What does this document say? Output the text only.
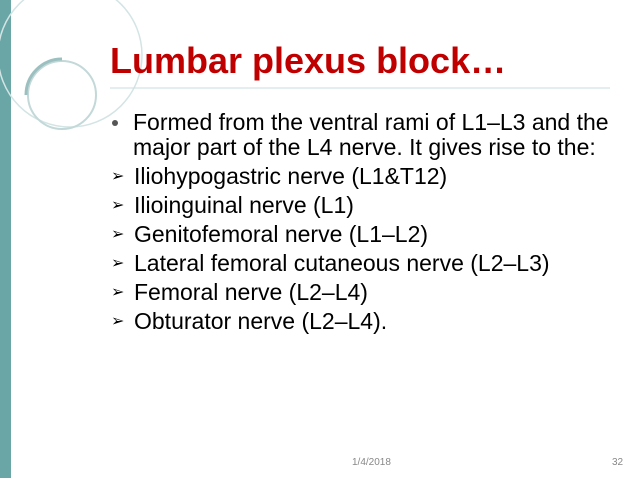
Lumbar plexus block…

Formed from the ventral rami of L1–L3 and the major part of the L4 nerve. It gives rise to the:

➢ Iliohypogastric nerve (L1&T12)

➢ Ilioinguinal nerve (L1)

➢ Genitofemoral nerve (L1–L2)

➢ Lateral femoral cutaneous nerve (L2–L3)

➢ Femoral nerve (L2–L4)

➢ Obturator nerve (L2–L4).

1/4/2018	32
